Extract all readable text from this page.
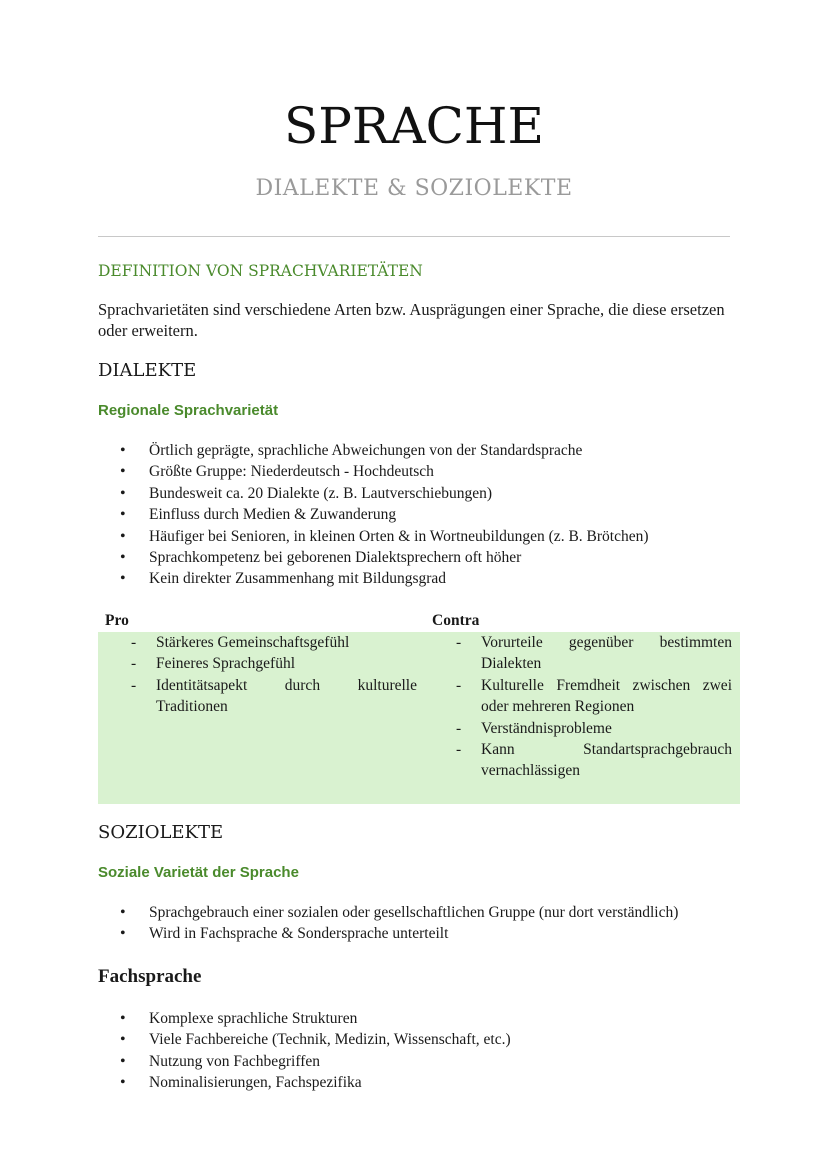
SPRACHE
DIALEKTE & SOZIOLEKTE
DEFINITION VON SPRACHVARIETÄTEN
Sprachvarietäten sind verschiedene Arten bzw. Ausprägungen einer Sprache, die diese ersetzen oder erweitern.
DIALEKTE
Regionale Sprachvarietät
• Örtlich geprägte, sprachliche Abweichungen von der Standardsprache
• Größte Gruppe: Niederdeutsch - Hochdeutsch
• Bundesweit ca. 20 Dialekte (z. B. Lautverschiebungen)
• Einfluss durch Medien & Zuwanderung
• Häufiger bei Senioren, in kleinen Orten & in Wortneubildungen (z. B. Brötchen)
• Sprachkompetenz bei geborenen Dialektsprechern oft höher
• Kein direkter Zusammenhang mit Bildungsgrad
Pro	Contra
- Stärkeres Gemeinschaftsgefühl
- Feineres Sprachgefühl
- Identitätsapekt durch kulturelle Traditionen
- Vorurteile gegenüber bestimmten Dialekten
- Kulturelle Fremdheit zwischen zwei oder mehreren Regionen
- Verständnisprobleme
- Kann Standartsprachgebrauch vernachlässigen
SOZIOLEKTE
Soziale Varietät der Sprache
• Sprachgebrauch einer sozialen oder gesellschaftlichen Gruppe (nur dort verständlich)
• Wird in Fachsprache & Sondersprache unterteilt
Fachsprache
• Komplexe sprachliche Strukturen
• Viele Fachbereiche (Technik, Medizin, Wissenschaft, etc.)
• Nutzung von Fachbegriffen
• Nominalisierungen, Fachspezifika
